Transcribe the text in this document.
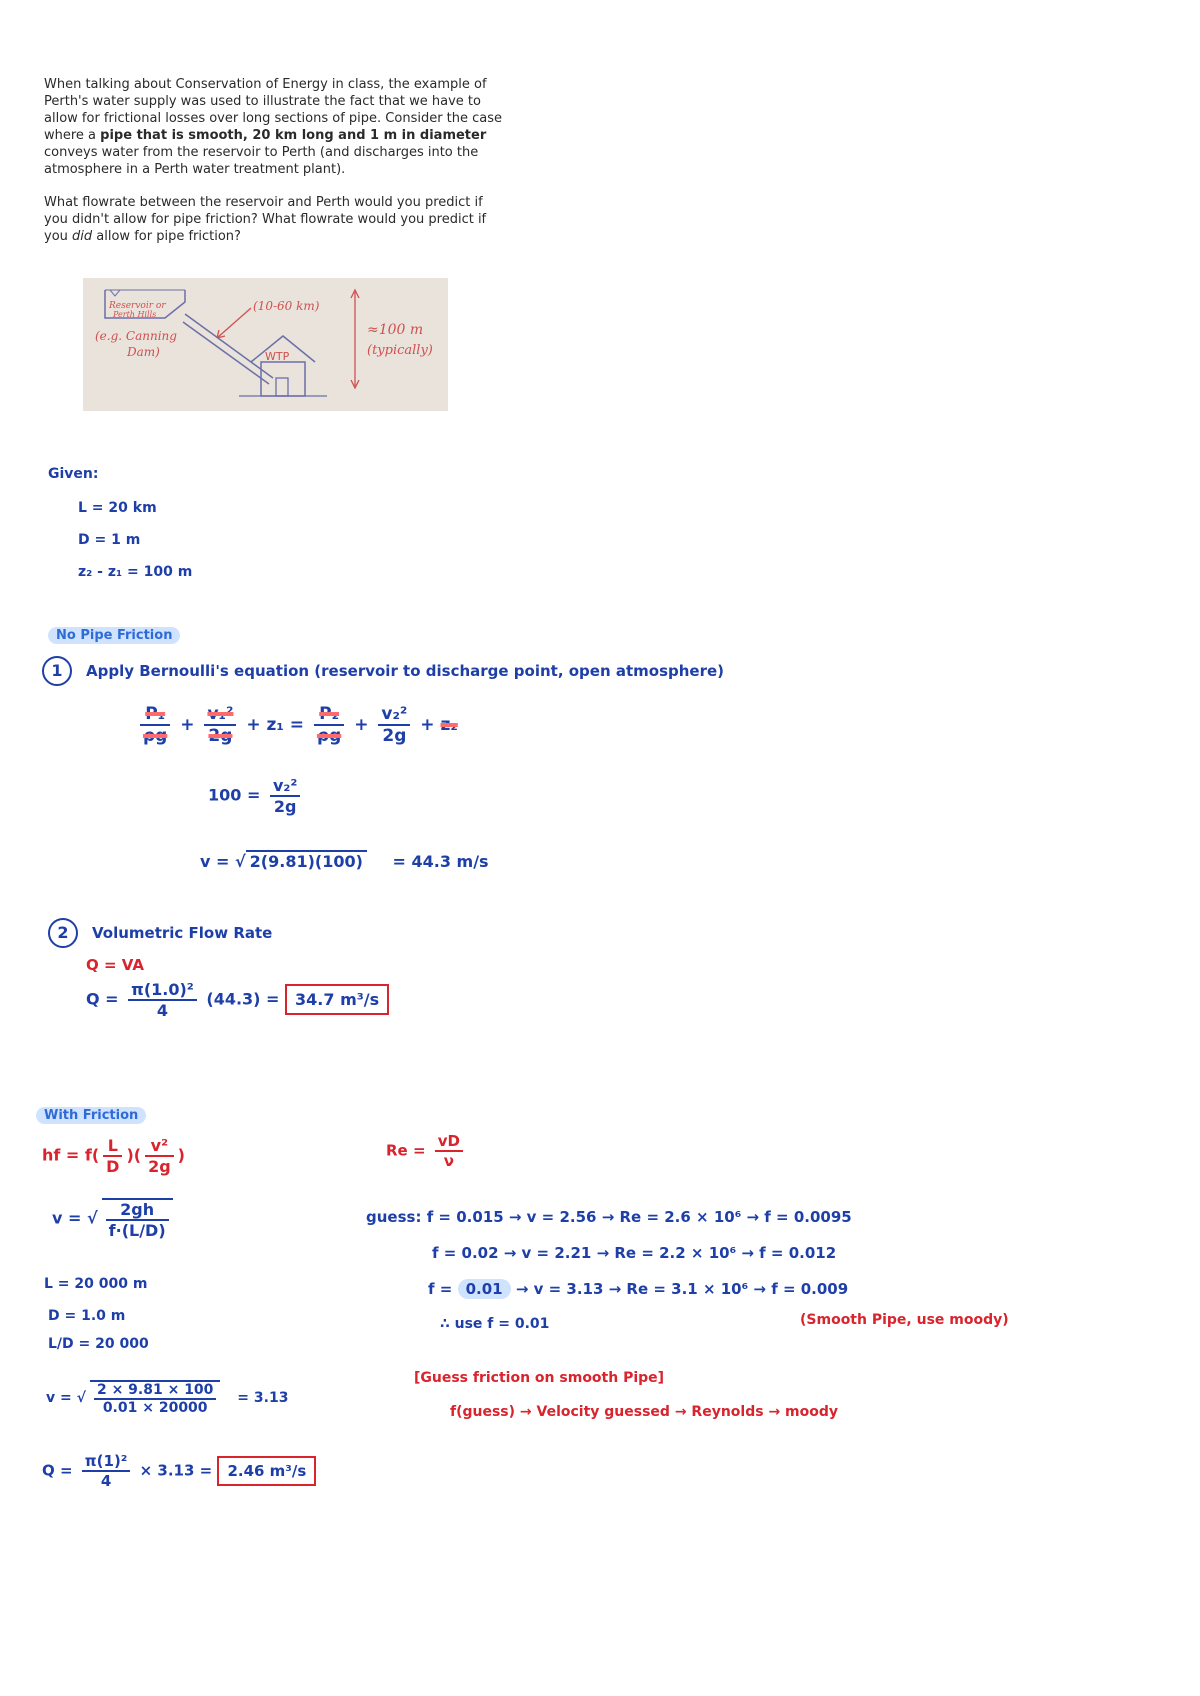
When talking about Conservation of Energy in class, the example of Perth's water supply was used to illustrate the fact that we have to allow for frictional losses over long sections of pipe. Consider the case where a pipe that is smooth, 20 km long and 1 m in diameter conveys water from the reservoir to Perth (and discharges into the atmosphere in a Perth water treatment plant).

What flowrate between the reservoir and Perth would you predict if you didn't allow for pipe friction? What flowrate would you predict if you did allow for pipe friction?

Reservoir or
Perth Hills
(e.g. Canning
Dam)
(10-60 km)
WTP
≈100 m
(typically)
Given:
L = 20 km
D = 1 m
z₂ - z₁ = 100 m
No Pipe Friction
1 Apply Bernoulli's equation (reservoir to discharge point, open atmosphere)
$\frac{\text{P₁}}{\rho g} + \frac{\text{v₁²}}{2g} + z_1 = \frac{\text{P₂}}{\rho g} + \frac{\text{v₂²}}{2g} + z_2$
$100 = \frac{\text{v₂²}}{2g}$
v = √ 2(9.81)(100) = 44.3 m/s
2 Volumetric Flow Rate
Q = VA
$Q = \frac{\text{π(1.0)²}}{4} (44.3) = 34.7$ m³/s
With Friction
hf = $f( \frac{L}{D}$ )( $\frac{\text{v²}}{2g}$ )
v = √ $\frac{2gh}{f\cdot(L/D)}$
L = 20 000 m
D = 1.0 m
L/D = 20 000
v = √ $\frac{2 \times 9.81 \times 100}{0.01 \times 20000} = 3.13$
$Q = \frac{\text{π(1)²}}{4} \times 3.13 = 2.46$ m³/s
$Re = \frac{vD}{\nu}$
guess: f = 0.015 → v = 2.56 → Re = 2.6 × 10⁶ → f = 0.0095
f = 0.02 → v = 2.21 → Re = 2.2 × 10⁶ → f = 0.012
f = 0.01 → v = 3.13 → Re = 3.1 × 10⁶ → f = 0.009
∴ use f = 0.01	(Smooth Pipe, use moody)
[Guess friction on smooth Pipe]
f(guess) → Velocity guessed → Reynolds → moody
